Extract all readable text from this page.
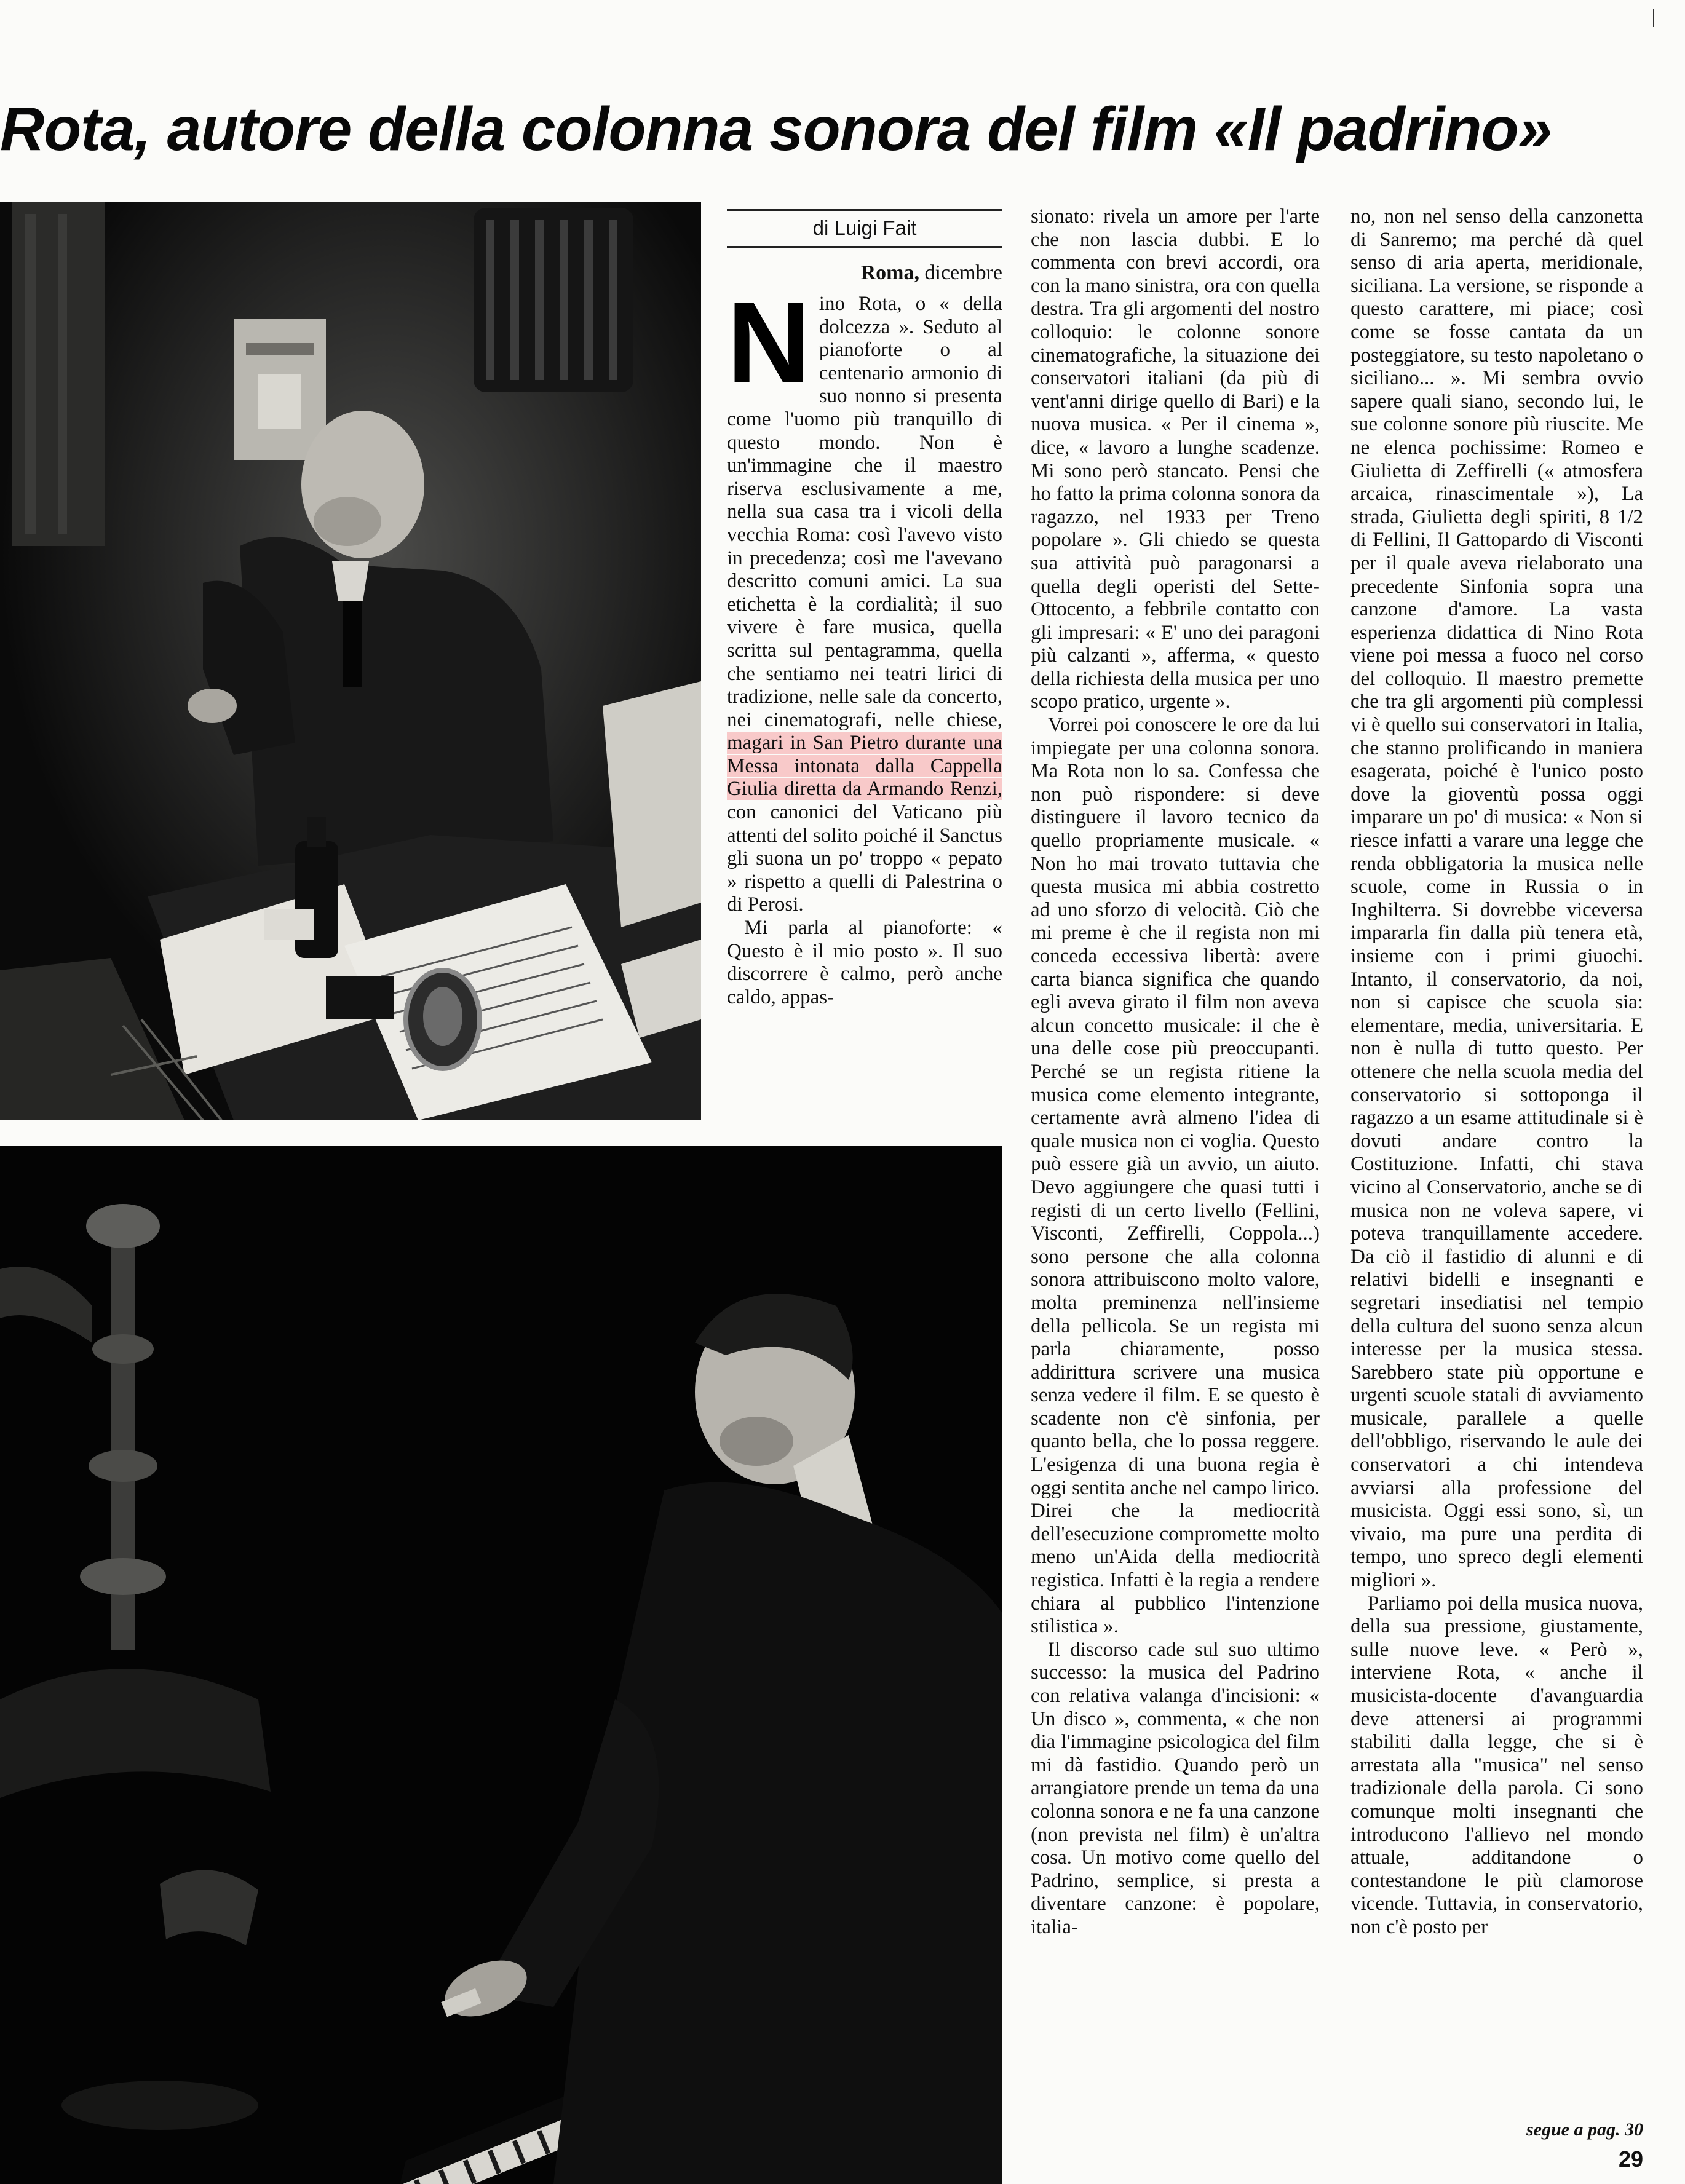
Rota, autore della colonna sonora del film «Il padrino»
di Luigi Fait
Roma, dicembre

Nino Rota, o « della dolcezza ». Seduto al pianoforte o al centenario armonio di suo nonno si presenta come l'uomo più tranquillo di questo mondo. Non è un'immagine che il maestro riserva esclusivamente a me, nella sua casa tra i vicoli della vecchia Roma: così l'avevo visto in precedenza; così me l'avevano descritto comuni amici. La sua etichetta è la cordialità; il suo vivere è fare musica, quella scritta sul pentagramma, quella che sentiamo nei teatri lirici di tradizione, nelle sale da concerto, nei cinematografi, nelle chiese, magari in San Pietro durante una Messa intonata dalla Cappella Giulia diretta da Armando Renzi, con canonici del Vaticano più attenti del solito poiché il Sanctus gli suona un po' troppo « pepato » rispetto a quelli di Palestrina o di Perosi.

Mi parla al pianoforte: « Questo è il mio posto ». Il suo discorrere è calmo, però anche caldo, appas-

sionato: rivela un amore per l'arte che non lascia dubbi. E lo commenta con brevi accordi, ora con la mano sinistra, ora con quella destra. Tra gli argomenti del nostro colloquio: le colonne sonore cinematografiche, la situazione dei conservatori italiani (da più di vent'anni dirige quello di Bari) e la nuova musica. « Per il cinema », dice, « lavoro a lunghe scadenze. Mi sono però stancato. Pensi che ho fatto la prima colonna sonora da ragazzo, nel 1933 per Treno popolare ». Gli chiedo se questa sua attività può paragonarsi a quella degli operisti del Sette-Ottocento, a febbrile contatto con gli impresari: « E' uno dei paragoni più calzanti », afferma, « questo della richiesta della musica per uno scopo pratico, urgente ».

Vorrei poi conoscere le ore da lui impiegate per una colonna sonora. Ma Rota non lo sa. Confessa che non può rispondere: si deve distinguere il lavoro tecnico da quello propriamente musicale. « Non ho mai trovato tuttavia che questa musica mi abbia costretto ad uno sforzo di velocità. Ciò che mi preme è che il regista non mi conceda eccessiva libertà: avere carta bianca significa che quando egli aveva girato il film non aveva alcun concetto musicale: il che è una delle cose più preoccupanti. Perché se un regista ritiene la musica come elemento integrante, certamente avrà almeno l'idea di quale musica non ci voglia. Questo può essere già un avvio, un aiuto. Devo aggiungere che quasi tutti i registi di un certo livello (Fellini, Visconti, Zeffirelli, Coppola...) sono persone che alla colonna sonora attribuiscono molto valore, molta preminenza nell'insieme della pellicola. Se un regista mi parla chiaramente, posso addirittura scrivere una musica senza vedere il film. E se questo è scadente non c'è sinfonia, per quanto bella, che lo possa reggere. L'esigenza di una buona regia è oggi sentita anche nel campo lirico. Direi che la mediocrità dell'esecuzione compromette molto meno un'Aida della mediocrità registica. Infatti è la regia a rendere chiara al pubblico l'intenzione stilistica ».

Il discorso cade sul suo ultimo successo: la musica del Padrino con relativa valanga d'incisioni: « Un disco », commenta, « che non dia l'immagine psicologica del film mi dà fastidio. Quando però un arrangiatore prende un tema da una colonna sonora e ne fa una canzone (non prevista nel film) è un'altra cosa. Un motivo come quello del Padrino, semplice, si presta a diventare canzone: è popolare, italia-

no, non nel senso della canzonetta di Sanremo; ma perché dà quel senso di aria aperta, meridionale, siciliana. La versione, se risponde a questo carattere, mi piace; così come se fosse cantata da un posteggiatore, su testo napoletano o siciliano... ». Mi sembra ovvio sapere quali siano, secondo lui, le sue colonne sonore più riuscite. Me ne elenca pochissime: Romeo e Giulietta di Zeffirelli (« atmosfera arcaica, rinascimentale »), La strada, Giulietta degli spiriti, 8 1/2 di Fellini, Il Gattopardo di Visconti per il quale aveva rielaborato una precedente Sinfonia sopra una canzone d'amore. La vasta esperienza didattica di Nino Rota viene poi messa a fuoco nel corso del colloquio. Il maestro premette che tra gli argomenti più complessi vi è quello sui conservatori in Italia, che stanno prolificando in maniera esagerata, poiché è l'unico posto dove la gioventù possa oggi imparare un po' di musica: « Non si riesce infatti a varare una legge che renda obbligatoria la musica nelle scuole, come in Russia o in Inghilterra. Si dovrebbe viceversa impararla fin dalla più tenera età, insieme con i primi giuochi. Intanto, il conservatorio, da noi, non si capisce che scuola sia: elementare, media, universitaria. E non è nulla di tutto questo. Per ottenere che nella scuola media del conservatorio si sottoponga il ragazzo a un esame attitudinale si è dovuti andare contro la Costituzione. Infatti, chi stava vicino al Conservatorio, anche se di musica non ne voleva sapere, vi poteva tranquillamente accedere. Da ciò il fastidio di alunni e di relativi bidelli e insegnanti e segretari insediatisi nel tempio della cultura del suono senza alcun interesse per la musica stessa. Sarebbero state più opportune e urgenti scuole statali di avviamento musicale, parallele a quelle dell'obbligo, riservando le aule dei conservatori a chi intendeva avviarsi alla professione del musicista. Oggi essi sono, sì, un vivaio, ma pure una perdita di tempo, uno spreco degli elementi migliori ».

Parliamo poi della musica nuova, della sua pressione, giustamente, sulle nuove leve. « Però », interviene Rota, « anche il musicista-docente d'avanguardia deve attenersi ai programmi stabiliti dalla legge, che si è arrestata alla "musica" nel senso tradizionale della parola. Ci sono comunque molti insegnanti che introducono l'allievo nel mondo attuale, additandone o contestandone le più clamorose vicende. Tuttavia, in conservatorio, non c'è posto per

segue a pag. 30
29
